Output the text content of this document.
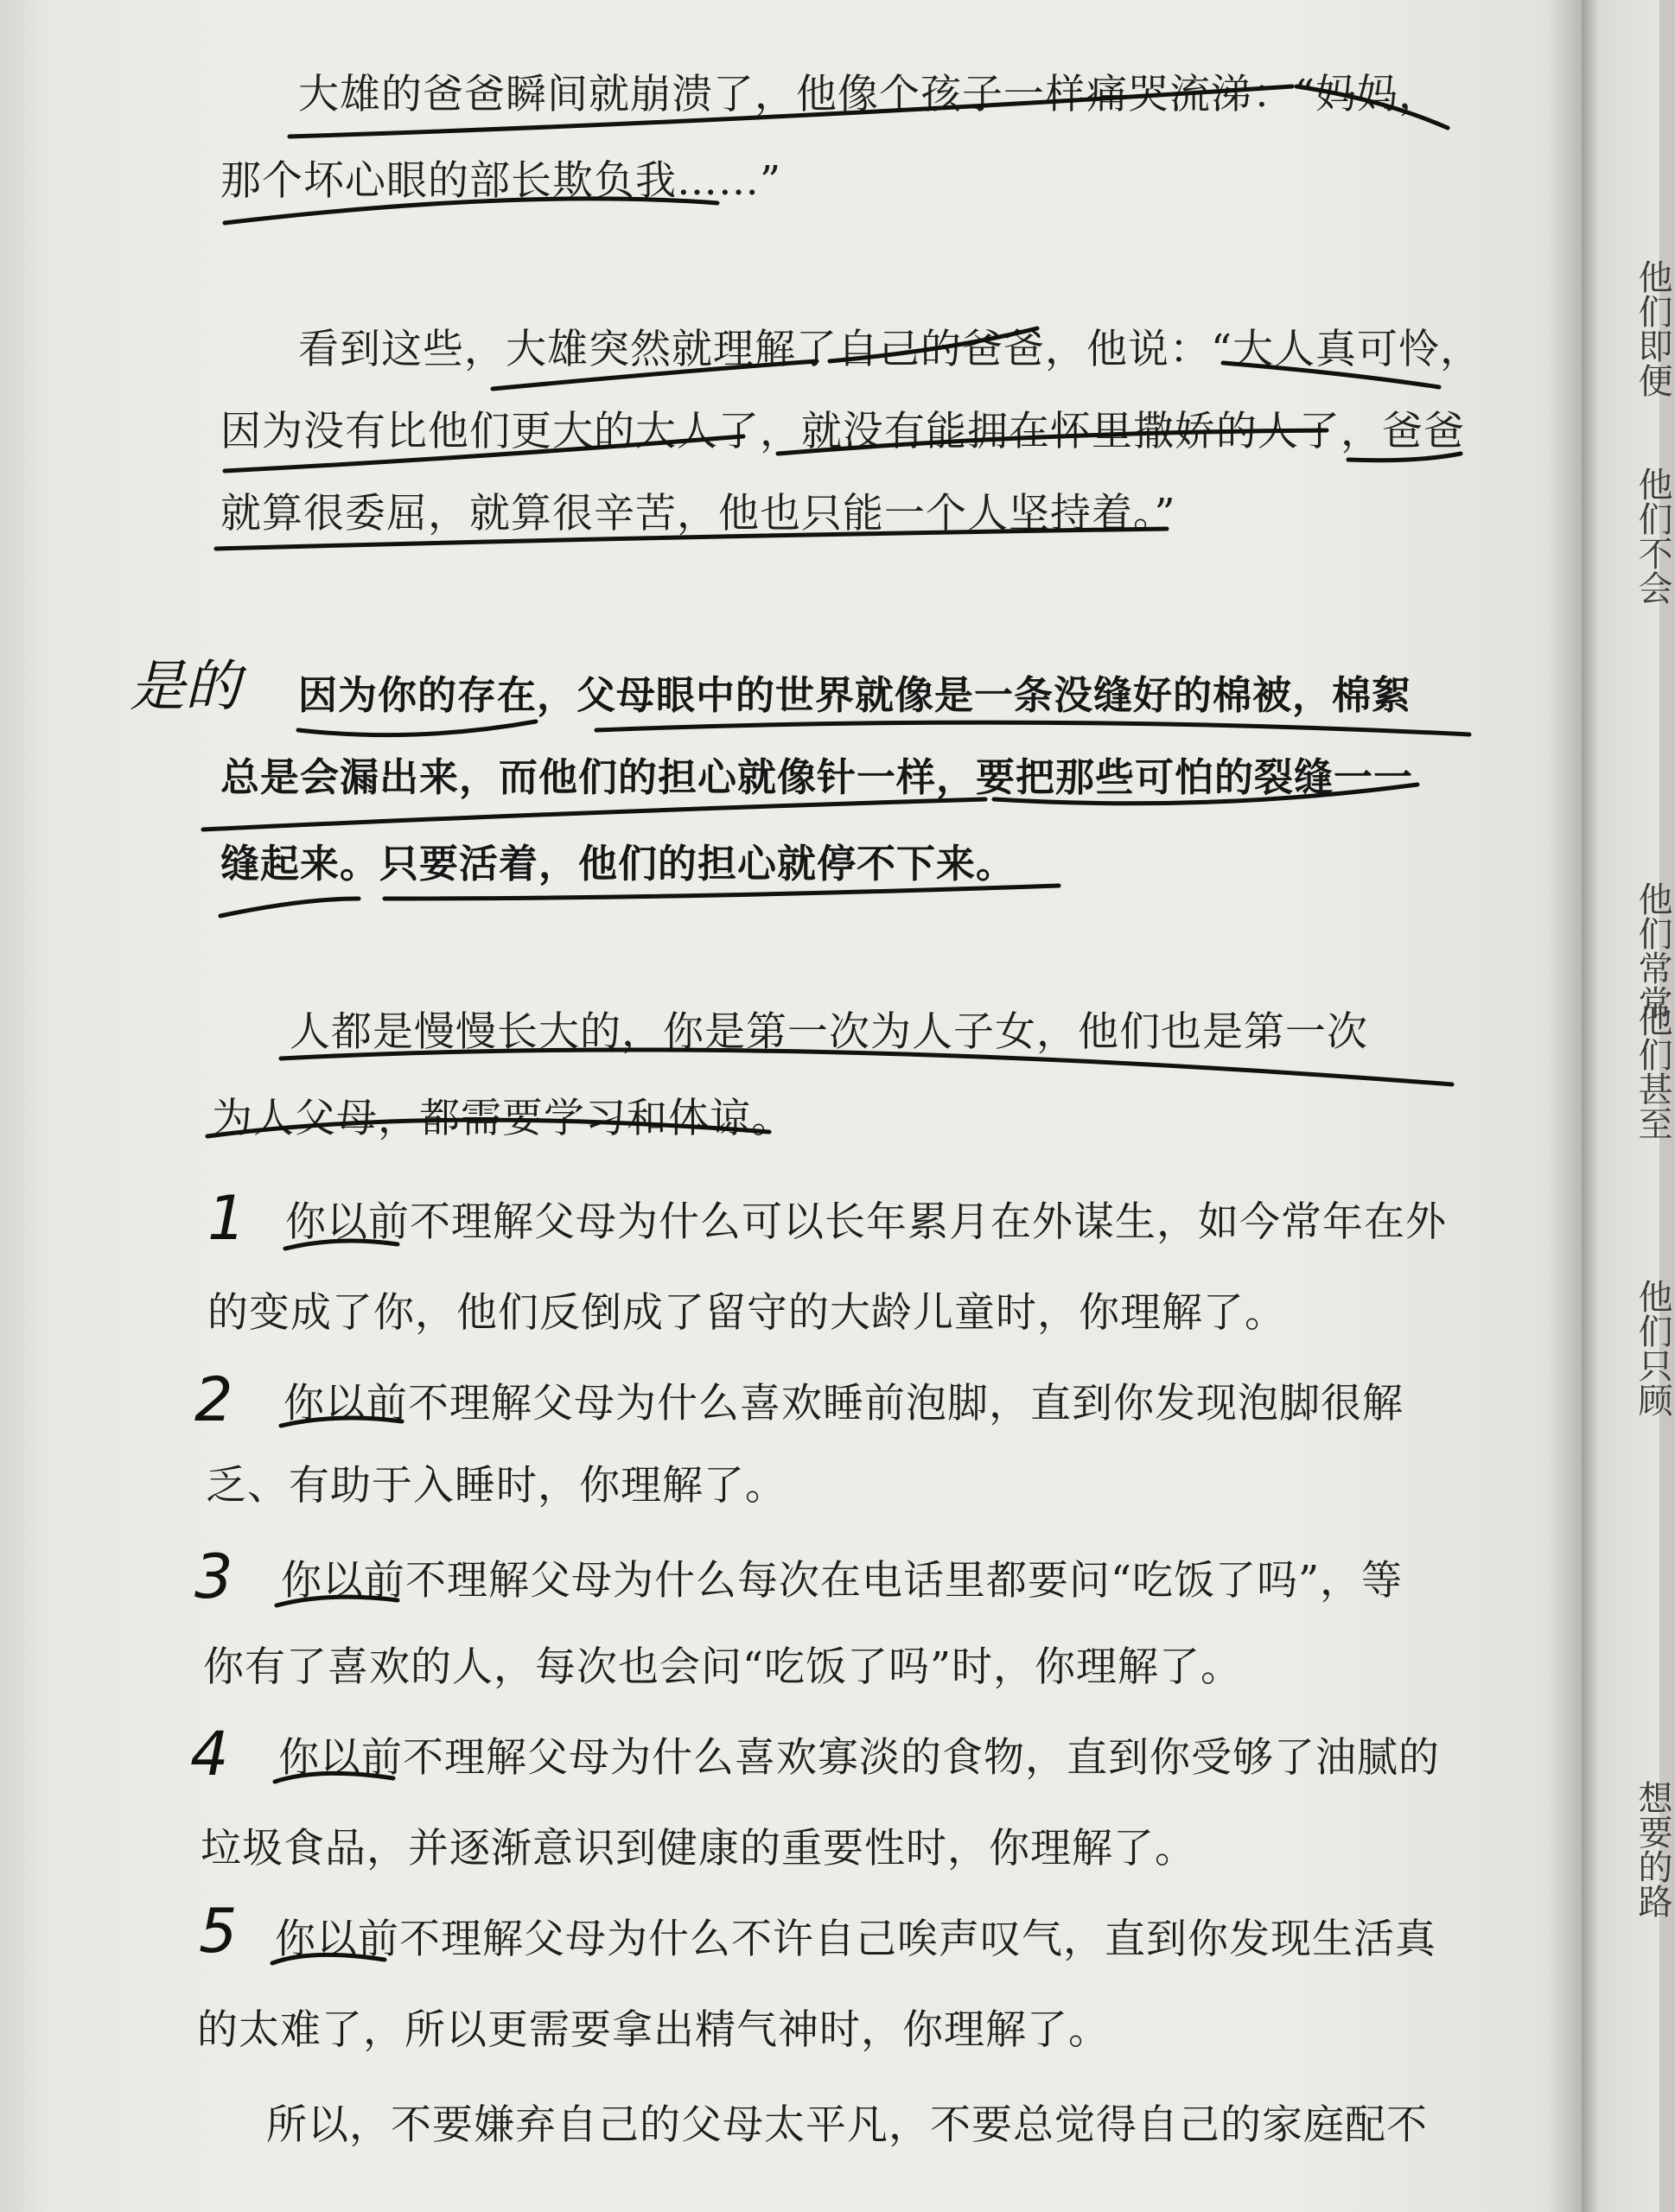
大雄的爸爸瞬间就崩溃了，他像个孩子一样痛哭流涕：“妈妈，
那个坏心眼的部长欺负我……”
看到这些，大雄突然就理解了自己的爸爸，他说：“大人真可怜，
因为没有比他们更大的大人了，就没有能拥在怀里撒娇的人了，爸爸
就算很委屈，就算很辛苦，他也只能一个人坚持着。”
因为你的存在，父母眼中的世界就像是一条没缝好的棉被，棉絮
总是会漏出来，而他们的担心就像针一样，要把那些可怕的裂缝一一
缝起来。只要活着，他们的担心就停不下来。
人都是慢慢长大的，你是第一次为人子女，他们也是第一次
为人父母，都需要学习和体谅。
你以前不理解父母为什么可以长年累月在外谋生，如今常年在外
的变成了你，他们反倒成了留守的大龄儿童时，你理解了。
你以前不理解父母为什么喜欢睡前泡脚，直到你发现泡脚很解
乏、有助于入睡时，你理解了。
你以前不理解父母为什么每次在电话里都要问“吃饭了吗”，等
你有了喜欢的人，每次也会问“吃饭了吗”时，你理解了。
你以前不理解父母为什么喜欢寡淡的食物，直到你受够了油腻的
垃圾食品，并逐渐意识到健康的重要性时，你理解了。
你以前不理解父母为什么不许自己唉声叹气，直到你发现生活真
的太难了，所以更需要拿出精气神时，你理解了。
所以，不要嫌弃自己的父母太平凡，不要总觉得自己的家庭配不
是的
1
2
3
4
5
他们即便
他们不会
他们常常
他们甚至
他们只顾
想要的路
